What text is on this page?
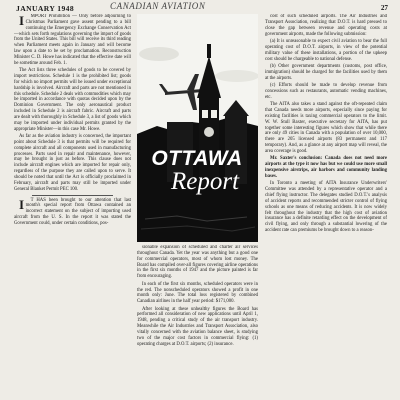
JANUARY 1948	CANADIAN AVIATION	27

I MPORT Prohibition — Only before adjourning to Christmas Parliament gave assent pending to a bill continuing the Emergency Exchange Conservation Act—which sets forth regulations governing the import of goods from the United States. This bill will receive its third reading when Parliament meets again in January and will become law upon a date to be set by proclamation. Reconstruction Minister C. D. Howe has indicated that the effective date will be sometime around Feb. 1.

The Act lists three schedules of goods to be covered by import restrictions. Schedule 1 is the prohibited list; goods for which no import permits will be issued under exceptional hardship is involved. Aircraft and parts are not mentioned in this schedule. Schedule 2 deals with commodities which may be imported in accordance with quotas decided upon by the Dominion Government. The only aeronautical product included in Schedule 2 is aircraft fabric. Aircraft and parts are dealt with thoroughly in Schedule 3, a list of goods which may be imported under individual permits granted by the appropriate Minister—in this case Mr. Howe.

As far as the aviation industry is concerned, the important point about Schedule 3 is that permits will be required for complete aircraft and all components used in manufacturing processes. Parts used in repair and maintenance, however, may be brought in just as before. This clause does not include aircraft engines which are imported for repair only, regardless of the purpose they are called upon to serve. It should be noted that until the Act is officially proclaimed in February, aircraft and parts may still be imported under General Blanket Permit PEC 100.

I T HAS been brought to our attention that last month's special report from Ottawa contained an incorrect statement on the subject of importing used aircraft from the U. S. In the report it was stated the Government could, under certain conditions, pos-

OTTAWA
Report

sionable expansion of scheduled and charter air services throughout Canada. Yet the year was anything but a good one for commercial operators, most of whom lost money. The Board has compiled over-all figures covering airline operations in the first six months of 1947 and the picture painted is far from encouraging.

In each of the first six months, scheduled operators were in the red. The nonscheduled operators showed a profit in one month only: June. The total loss registered by combined Canadian airlines in the half year period: $171,000.

After looking at these unhealthy figures the Board has performed all consideration of new applications until April 1, 1948, pending a critical study of the air transport industry. Meanwhile the Air Industries and Transport Association, also vitally concerned with the aviation balance sheet, is studying two of the major cost factors in commercial flying: (1) operating charges at D.O.T. airports; (2) insurance.

cost of such scheduled airports. The Air Industries and Transport Association, realizing that D.O.T. is hard pressed to close the gap between revenue and operating costs at government airports, made the following submission:

(a) It is unreasonable to expect civil aviation to bear the full operating cost of D.O.T. airports, in view of the potential military value of these installations, a portion of the upkeep cost should be chargeable to national defense.

(b) Other government departments (customs, post office, immigration) should be charged for the facilities used by them at the airports.

(c) Efforts should be made to develop revenue from concessions such as restaurants, automatic vending machines, etc.

The AITA also takes a stand against the oft-repeated claim that Canada needs more airports, especially since paying for existing facilities is taxing commercial operators to the limit. W. W. Stull Baxter, executive secretary for AITA, has put together some interesting figures which show that while there are only 49 cities in Canada with a population of over 10,000, there are 205 licensed airports (83 permanent and 117 temporary). And, as a glance at any airport map will reveal, the area coverage is good.

Mr. Saxter's conclusion: Canada does not need more airports at the type it now has but we could use more small inexpensive airstrips, air harbors and community landing bases.

In Toronto a meeting of AITA Insurance Underwriters' Committee was attended by a representative operator and a chief flying instructor. The delegates studied D.O.T.'s analysis of accident reports and recommended stricter control of flying schools as one means of reducing accidents. It is now widely felt throughout the industry that the high cost of aviation insurance has a definite retarding effect on the development of civil flying, and only through a substantial lowering of the accident rate can premiums be brought down to a reason-
